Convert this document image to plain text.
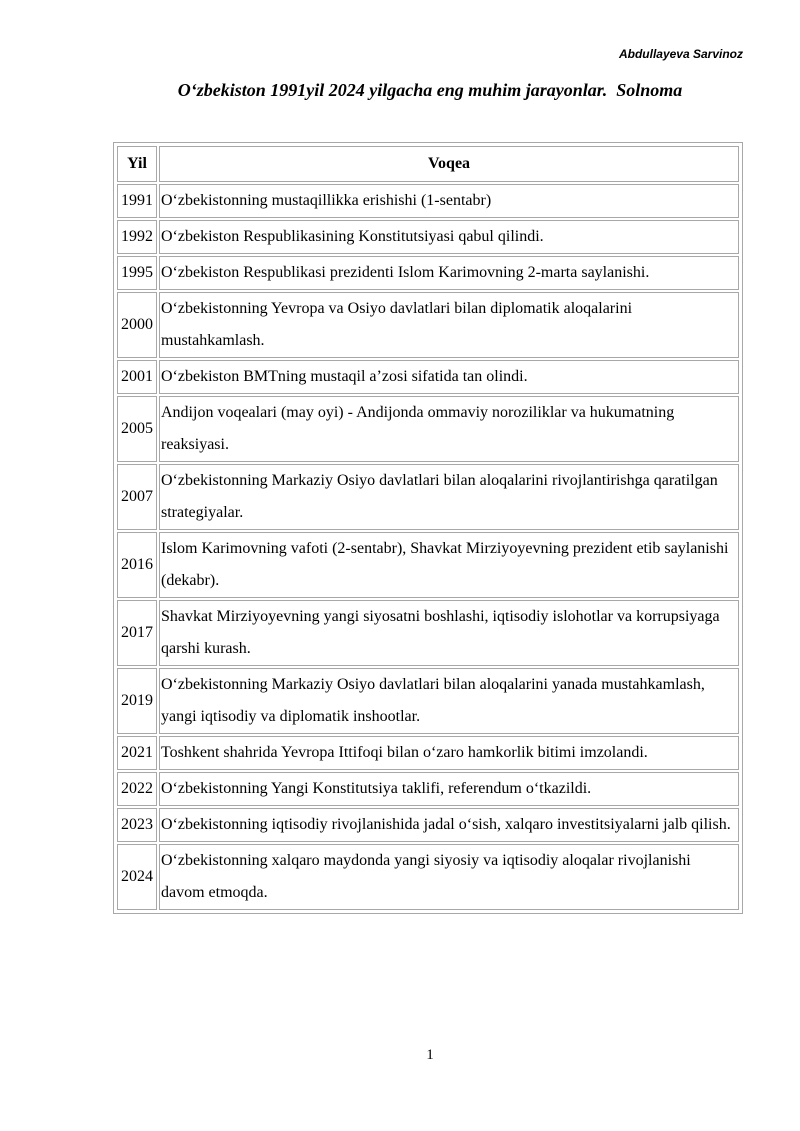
Abdullayeva Sarvinoz
O‘zbekiston 1991yil 2024 yilgacha eng muhim jarayonlar.  Solnoma
Yil	Voqea
1991	O‘zbekistonning mustaqillikka erishishi (1-sentabr)
1992	O‘zbekiston Respublikasining Konstitutsiyasi qabul qilindi.
1995	O‘zbekiston Respublikasi prezidenti Islom Karimovning 2-marta saylanishi.
2000	O‘zbekistonning Yevropa va Osiyo davlatlari bilan diplomatik aloqalarini mustahkamlash.
2001	O‘zbekiston BMTning mustaqil a’zosi sifatida tan olindi.
2005	Andijon voqealari (may oyi) - Andijonda ommaviy noroziliklar va hukumatning reaksiyasi.
2007	O‘zbekistonning Markaziy Osiyo davlatlari bilan aloqalarini rivojlantirishga qaratilgan strategiyalar.
2016	Islom Karimovning vafoti (2-sentabr), Shavkat Mirziyoyevning prezident etib saylanishi (dekabr).
2017	Shavkat Mirziyoyevning yangi siyosatni boshlashi, iqtisodiy islohotlar va korrupsiyaga qarshi kurash.
2019	O‘zbekistonning Markaziy Osiyo davlatlari bilan aloqalarini yanada mustahkamlash, yangi iqtisodiy va diplomatik inshootlar.
2021	Toshkent shahrida Yevropa Ittifoqi bilan o‘zaro hamkorlik bitimi imzolandi.
2022	O‘zbekistonning Yangi Konstitutsiya taklifi, referendum o‘tkazildi.
2023	O‘zbekistonning iqtisodiy rivojlanishida jadal o‘sish, xalqaro investitsiyalarni jalb qilish.
2024	O‘zbekistonning xalqaro maydonda yangi siyosiy va iqtisodiy aloqalar rivojlanishi davom etmoqda.
1
